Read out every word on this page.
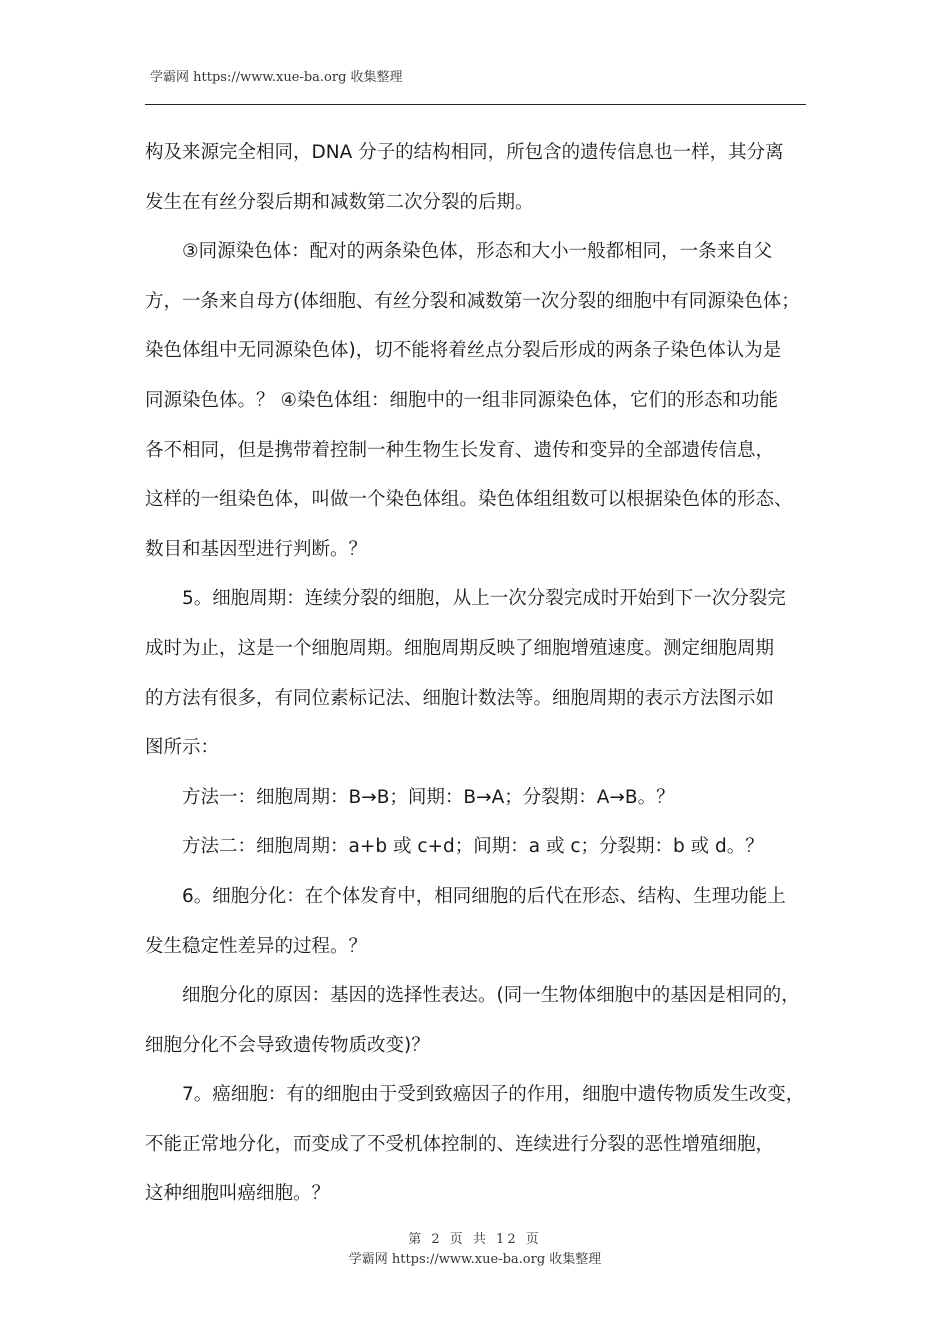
学霸网 https://www.xue-ba.org 收集整理
构及来源完全相同，DNA 分子的结构相同，所包含的遗传信息也一样，其分离
发生在有丝分裂后期和减数第二次分裂的后期。
③同源染色体：配对的两条染色体，形态和大小一般都相同，一条来自父
方，一条来自母方(体细胞、有丝分裂和减数第一次分裂的细胞中有同源染色体；
染色体组中无同源染色体)，切不能将着丝点分裂后形成的两条子染色体认为是
同源染色体。？ ④染色体组：细胞中的一组非同源染色体，它们的形态和功能
各不相同，但是携带着控制一种生物生长发育、遗传和变异的全部遗传信息，
这样的一组染色体，叫做一个染色体组。染色体组组数可以根据染色体的形态、
数目和基因型进行判断。？
5。细胞周期：连续分裂的细胞，从上一次分裂完成时开始到下一次分裂完
成时为止，这是一个细胞周期。细胞周期反映了细胞增殖速度。测定细胞周期
的方法有很多，有同位素标记法、细胞计数法等。细胞周期的表示方法图示如
图所示：
方法一：细胞周期：B→B；间期：B→A；分裂期：A→B。？
方法二：细胞周期：a+b 或 c+d；间期：a 或 c；分裂期：b 或 d。？
6。细胞分化：在个体发育中，相同细胞的后代在形态、结构、生理功能上
发生稳定性差异的过程。？
细胞分化的原因：基因的选择性表达。(同一生物体细胞中的基因是相同的，
细胞分化不会导致遗传物质改变)？
7。癌细胞：有的细胞由于受到致癌因子的作用，细胞中遗传物质发生改变，
不能正常地分化，而变成了不受机体控制的、连续进行分裂的恶性增殖细胞，
这种细胞叫癌细胞。？
第 2 页 共 12 页
学霸网 https://www.xue-ba.org 收集整理
